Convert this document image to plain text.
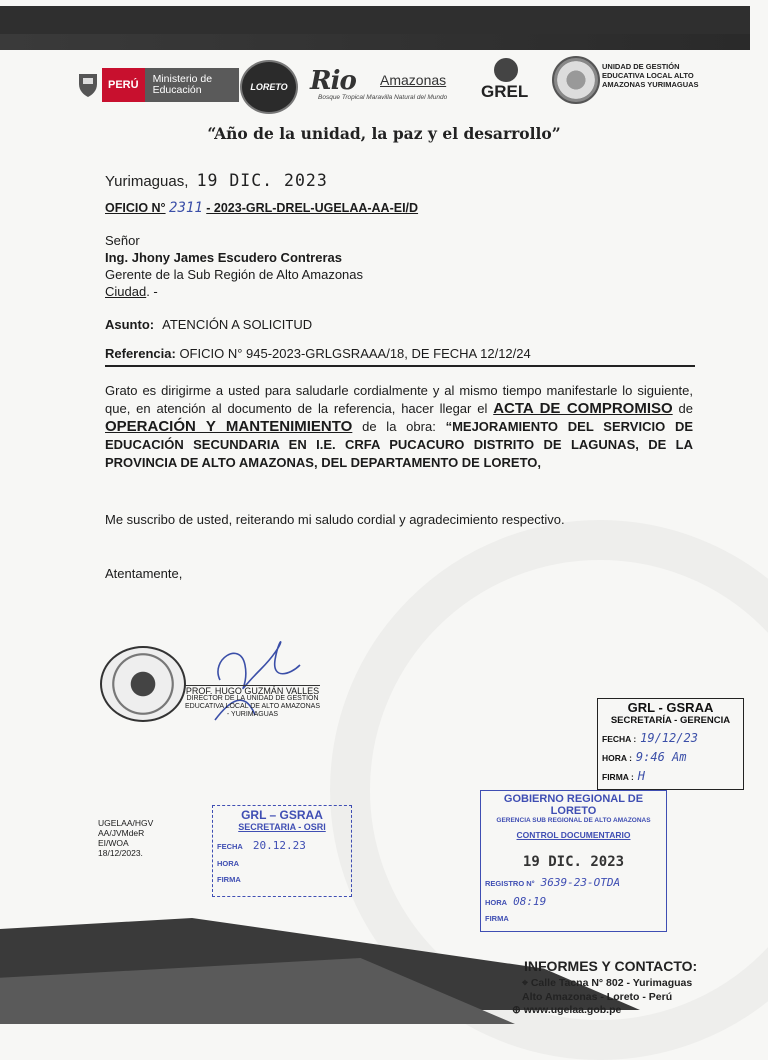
PERÚ	Ministerio de Educación	LORETO Rio Amazonas
Bosque Tropical Maravilla Natural del Mundo GREL
UNIDAD DE GESTIÓN EDUCATIVA LOCAL ALTO AMAZONAS YURIMAGUAS
“Año de la unidad, la paz y el desarrollo”
Yurimaguas, 19 DIC. 2023
OFICIO N° 2311 - 2023-GRL-DREL-UGELAA-AA-EI/D
Señor
Ing. Jhony James Escudero Contreras
Gerente de la Sub Región de Alto Amazonas
Ciudad. -
Asunto: ATENCIÓN A SOLICITUD
Referencia: OFICIO N° 945-2023-GRLGSRAAA/18, DE FECHA 12/12/24
Grato es dirigirme a usted para saludarle cordialmente y al mismo tiempo manifestarle lo siguiente, que, en atención al documento de la referencia, hacer llegar el ACTA DE COMPROMISO de OPERACIÓN Y MANTENIMIENTO de la obra: “MEJORAMIENTO DEL SERVICIO DE EDUCACIÓN SECUNDARIA EN I.E. CRFA PUCACURO DISTRITO DE LAGUNAS, DE LA PROVINCIA DE ALTO AMAZONAS, DEL DEPARTAMENTO DE LORETO,
Me suscribo de usted, reiterando mi saludo cordial y agradecimiento respectivo.
Atentamente,
PROF. HUGO GUZMÁN VALLES
DIRECTOR DE LA UNIDAD DE GESTIÓN EDUCATIVA LOCAL DE ALTO AMAZONAS - YURIMAGUAS
UGELAA/HGV
AA/JVMdeR
EI/WOA
18/12/2023.
GRL – GSRAA
SECRETARIA - OSRI
FECHA 20.12.23
HORA
FIRMA
GRL - GSRAA
SECRETARÍA - GERENCIA
FECHA : 19/12/23
HORA : 9:46 Am
FIRMA : H
GOBIERNO REGIONAL DE LORETO
GERENCIA SUB REGIONAL DE ALTO AMAZONAS
CONTROL DOCUMENTARIO
19 DIC. 2023
REGISTRO N° 3639-23-OTDA
HORA 08:19
FIRMA
INFORMES Y CONTACTO:
⌖ Calle Tacna N° 802 - Yurimaguas
Alto Amazonas - Loreto - Perú
⊕ www.ugelaa.gob.pe
